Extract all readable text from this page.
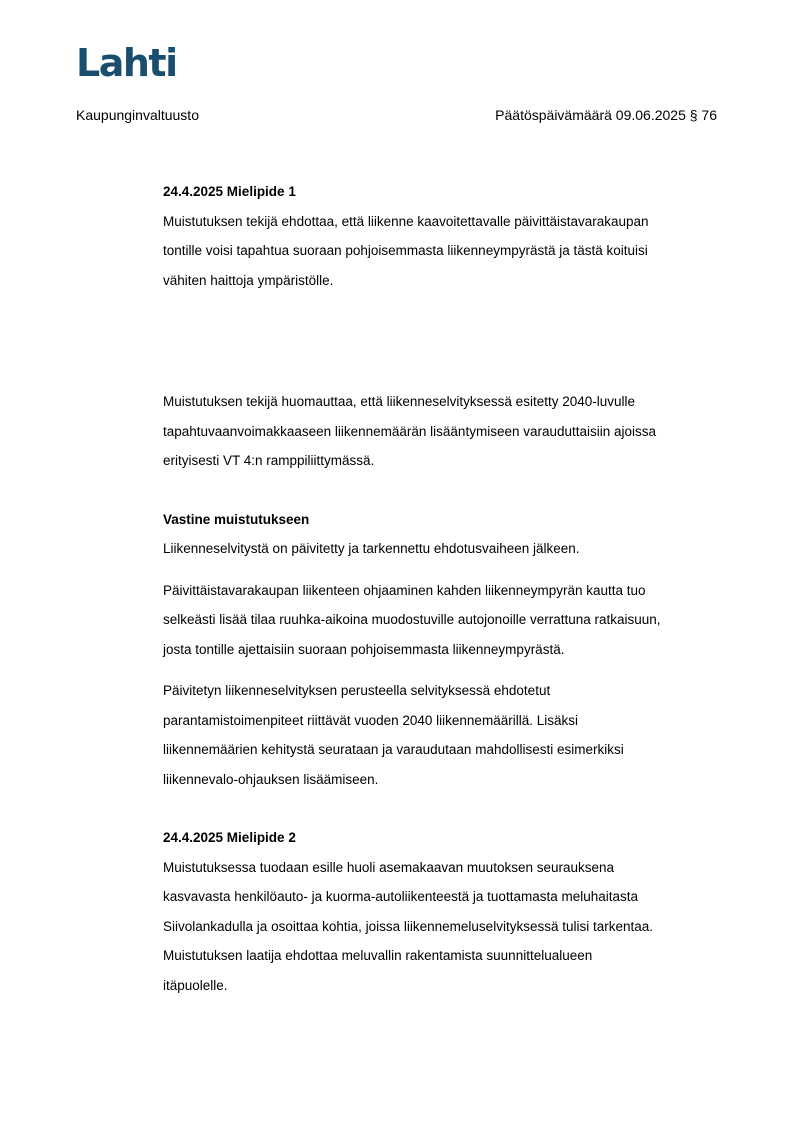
Lahti
Kaupunginvaltuusto	Päätöspäivämäärä 09.06.2025 § 76

24.4.2025 Mielipide 1

Muistutuksen tekijä ehdottaa, että liikenne kaavoitettavalle päivittäistavarakaupan
tontille voisi tapahtua suoraan pohjoisemmasta liikenneympyrästä ja tästä koituisi
vähiten haittoja ympäristölle.

Muistutuksen tekijä huomauttaa, että liikenneselvityksessä esitetty 2040-luvulle
tapahtuvaanvoimakkaaseen liikennemäärän lisääntymiseen varauduttaisiin ajoissa
erityisesti VT 4:n ramppiliittymässä.

Vastine muistutukseen

Liikenneselvitystä on päivitetty ja tarkennettu ehdotusvaiheen jälkeen.

Päivittäistavarakaupan liikenteen ohjaaminen kahden liikenneympyrän kautta tuo
selkeästi lisää tilaa ruuhka-aikoina muodostuville autojonoille verrattuna ratkaisuun,
josta tontille ajettaisiin suoraan pohjoisemmasta liikenneympyrästä.

Päivitetyn liikenneselvityksen perusteella selvityksessä ehdotetut
parantamistoimenpiteet riittävät vuoden 2040 liikennemäärillä. Lisäksi
liikennemäärien kehitystä seurataan ja varaudutaan mahdollisesti esimerkiksi
liikennevalo-ohjauksen lisäämiseen.

24.4.2025 Mielipide 2

Muistutuksessa tuodaan esille huoli asemakaavan muutoksen seurauksena
kasvavasta henkilöauto- ja kuorma-autoliikenteestä ja tuottamasta meluhaitasta
Siivolankadulla ja osoittaa kohtia, joissa liikennemeluselvityksessä tulisi tarkentaa.
Muistutuksen laatija ehdottaa meluvallin rakentamista suunnittelualueen
itäpuolelle.
